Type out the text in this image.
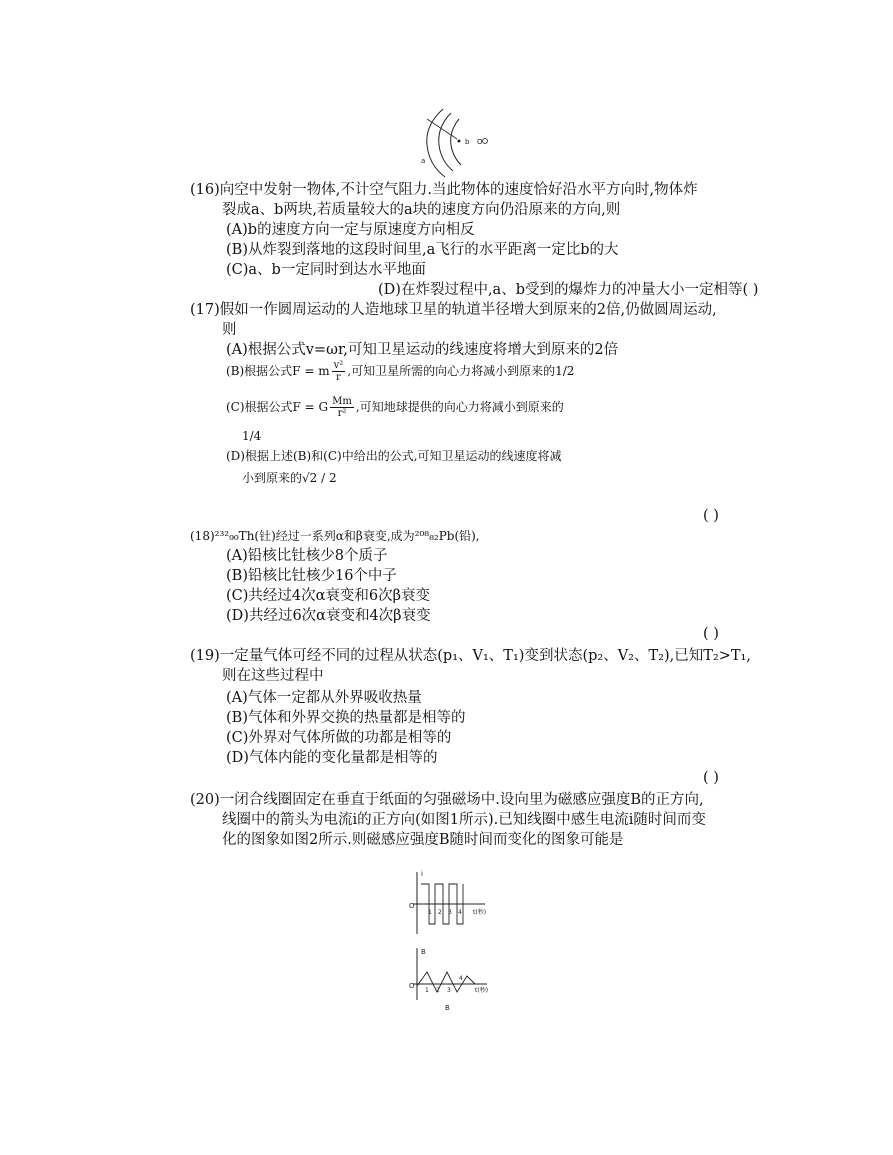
a
b O
(16)向空中发射一物体,不计空气阻力.当此物体的速度恰好沿水平方向时,物体炸
裂成a、b两块,若质量较大的a块的速度方向仍沿原来的方向,则
(A)b的速度方向一定与原速度方向相反
(B)从炸裂到落地的这段时间里,a飞行的水平距离一定比b的大
(C)a、b一定同时到达水平地面
(D)在炸裂过程中,a、b受到的爆炸力的冲量大小一定相等( )
(17)假如一作圆周运动的人造地球卫星的轨道半径增大到原来的2倍,仍做圆周运动,
则
(A)根据公式v=ωr,可知卫星运动的线速度将增大到原来的2倍
(B)根据公式F = m $\frac{\text{v²}}{r}$ ,可知卫星所需的向心力将减小到原来的1/2
(C)根据公式F = G $\frac{Mm}{\text{r²}}$ ,可知地球提供的向心力将减小到原来的
1/4
(D)根据上述(B)和(C)中给出的公式,可知卫星运动的线速度将减
小到原来的√2 / 2
( )
(18)²³²₉₀Th(钍)经过一系列α和β衰变,成为²⁰⁸₈₂Pb(铅),
(A)铅核比钍核少8个质子
(B)铅核比钍核少16个中子
(C)共经过4次α衰变和6次β衰变
(D)共经过6次α衰变和4次β衰变
( )
(19)一定量气体可经不同的过程从状态(p₁、V₁、T₁)变到状态(p₂、V₂、T₂),已知T₂>T₁,
则在这些过程中
(A)气体一定都从外界吸收热量
(B)气体和外界交换的热量都是相等的
(C)外界对气体所做的功都是相等的
(D)气体内能的变化量都是相等的
( )
(20)一闭合线圈固定在垂直于纸面的匀强磁场中.设向里为磁感应强度B的正方向,
线圈中的箭头为电流i的正方向(如图1所示).已知线圈中感生电流i随时间而变
化的图象如图2所示.则磁感应强度B随时间而变化的图象可能是
i
O
1 2 3 4 t(秒)
B
O
1 2 3
4
t(秒)
B
